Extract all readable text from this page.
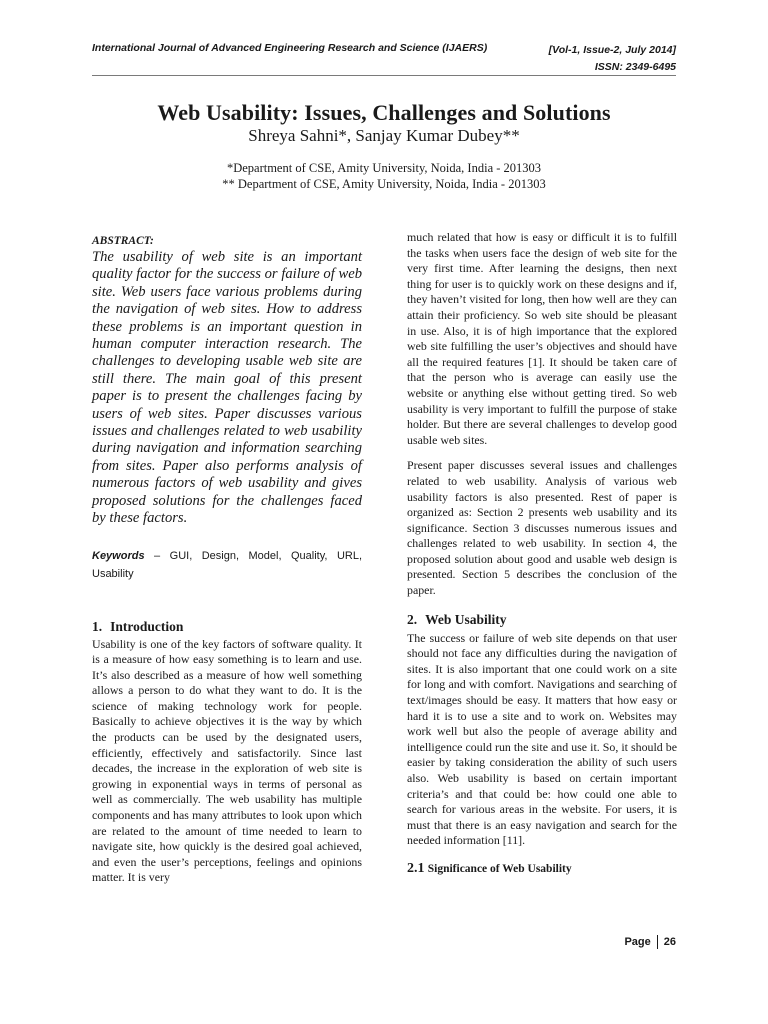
International Journal of Advanced Engineering Research and Science (IJAERS)	[Vol-1, Issue-2, July 2014]
ISSN: 2349-6495
Web Usability: Issues, Challenges and Solutions
Shreya Sahni*, Sanjay Kumar Dubey**
*Department of CSE, Amity University, Noida, India - 201303
** Department of CSE, Amity University, Noida, India - 201303
ABSTRACT:

The usability of web site is an important quality factor for the success or failure of web site. Web users face various problems during the navigation of web sites. How to address these problems is an important question in human computer interaction research. The challenges to developing usable web site are still there. The main goal of this present paper is to present the challenges facing by users of web sites. Paper discusses various issues and challenges related to web usability during navigation and information searching from sites. Paper also performs analysis of numerous factors of web usability and gives proposed solutions for the challenges faced by these factors.

Keywords – GUI, Design, Model, Quality, URL, Usability
1. Introduction

Usability is one of the key factors of software quality. It is a measure of how easy something is to learn and use. It’s also described as a measure of how well something allows a person to do what they want to do. It is the science of making technology work for people. Basically to achieve objectives it is the way by which the products can be used by the designated users, efficiently, effectively and satisfactorily. Since last decades, the increase in the exploration of web site is growing in exponential ways in terms of personal as well as commercially. The web usability has multiple components and has many attributes to look upon which are related to the amount of time needed to learn to navigate site, how quickly is the desired goal achieved, and even the user’s perceptions, feelings and opinions matter. It is very

much related that how is easy or difficult it is to fulfill the tasks when users face the design of web site for the very first time. After learning the designs, then next thing for user is to quickly work on these designs and if, they haven’t visited for long, then how well are they can attain their proficiency. So web site should be pleasant in use. Also, it is of high importance that the explored web site fulfilling the user’s objectives and should have all the required features [1]. It should be taken care of that the person who is average can easily use the website or anything else without getting tired. So web usability is very important to fulfill the purpose of stake holder. But there are several challenges to develop good usable web sites.

Present paper discusses several issues and challenges related to web usability. Analysis of various web usability factors is also presented. Rest of paper is organized as: Section 2 presents web usability and its significance. Section 3 discusses numerous issues and challenges related to web usability. In section 4, the proposed solution about good and usable web design is presented. Section 5 describes the conclusion of the paper.

2. Web Usability

The success or failure of web site depends on that user should not face any difficulties during the navigation of sites. It is also important that one could work on a site for long and with comfort. Navigations and searching of text/images should be easy. It matters that how easy or hard it is to use a site and to work on. Websites may work well but also the people of average ability and intelligence could run the site and use it. So, it should be easier by taking consideration the ability of such users also. Web usability is based on certain important criteria’s and that could be: how could one able to search for various areas in the website. For users, it is must that there is an easy navigation and search for the needed information [11].

2.1 Significance of Web Usability
Page 26
